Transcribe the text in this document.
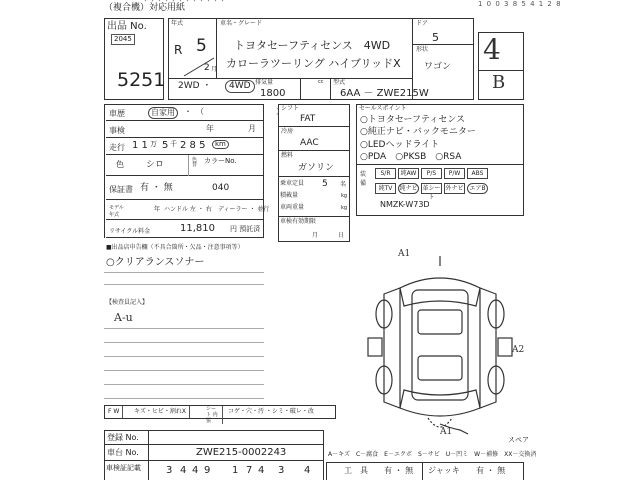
・・・・・・・・・・・・	1 0 0 3 8 5 4 1 2 8
（複合機）対応用紙
出品 No.
2045
5251
年式
R 5
2 月
車名・グレード
トヨタセーフティセンス　4WD
カローラツーリング ハイブリッドX
ドア
5
形状
ワゴン
2WD ・	4WD 排気量	cc
1800
型式
6AA － ZWE215W
4
B
車歴	自家用	・　（　　　　　　　　　）
事検	年	月
走行 1 1 万 5 千 2 8 5	km
色 シロ	色替 カラーNo.
保証書 有 ・ 無	040
モデル年式
年 ハンドル 左 ・ 右 ディーラー ・ 並行
リサイクル料金	11,810 円 預託済
シフト
FAT
冷房
AAC
燃料
ガソリン
乗車定員 5 名
積載量	kg
車両重量	kg
車検有効期限
月	日
セールスポイント
○トヨタセーフティセンス
○純正ナビ・バックモニター
○LEDヘッドライト
○PDA　○PKSB　○RSA
装備
S/R	純AW	P/S	P/W	ABS
純TV	純ナビ 革シート
外ナビ エアB
NMZK-W73D
■出品店申告欄（不具合箇所・欠品・注意事項等）
○クリアランスソナー
【検査員記入】
A-u
A1
A2
A1
スペア
F W	キズ・ヒビ・割れX	シート 内張
コゲ・穴・汚 ・シミ・破レ・改
登録 No.
車台 No.	ZWE215-0002243
車検証記載	3 4 4 9 1 7 4 3 4
A－キズ　C－腐食　E－エクボ　S－サビ　U－凹ミ　W－補修　XX－交換済
工　具 有 ・ 無 ジャッキ 有 ・ 無
